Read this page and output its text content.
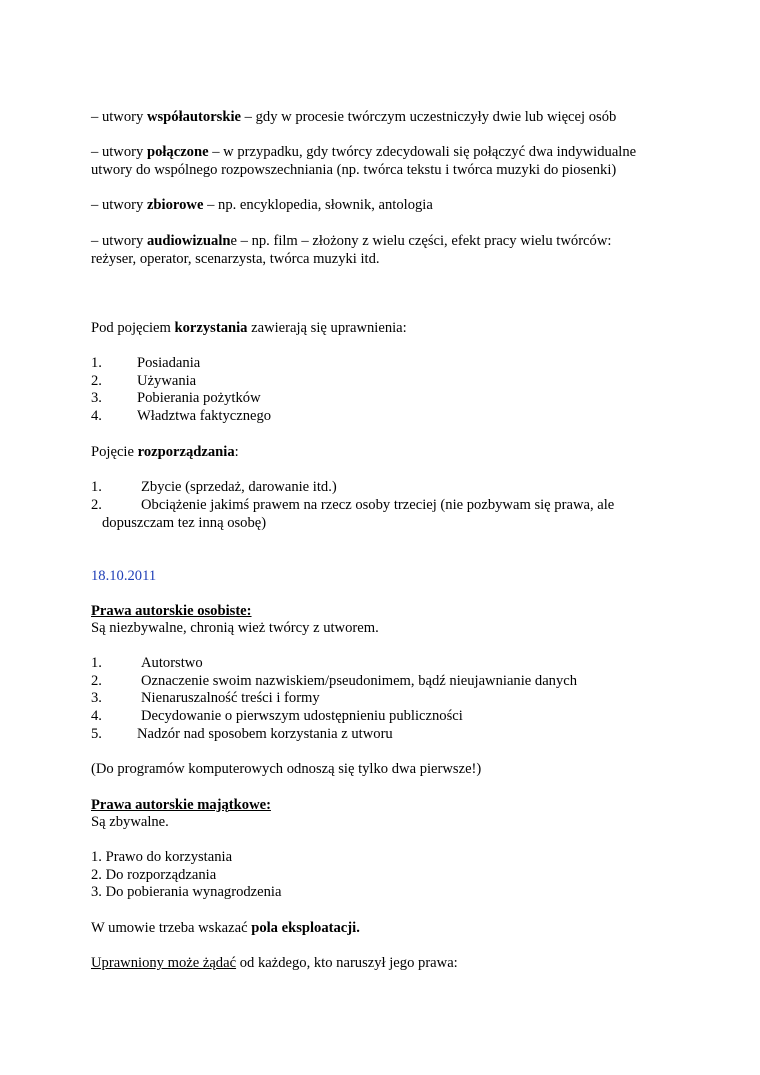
– utwory współautorskie – gdy w procesie twórczym uczestniczyły dwie lub więcej osób
– utwory połączone – w przypadku, gdy twórcy zdecydowali się połączyć dwa indywidualne
utwory do wspólnego rozpowszechniania (np. twórca tekstu i twórca muzyki do piosenki)
– utwory zbiorowe – np. encyklopedia, słownik, antologia
– utwory audiowizualne – np. film – złożony z wielu części, efekt pracy wielu twórców:
reżyser, operator, scenarzysta, twórca muzyki itd.
Pod pojęciem korzystania zawierają się uprawnienia:
1. Posiadania
2. Używania
3. Pobierania pożytków
4. Władztwa faktycznego
Pojęcie rozporządzania:
1.	Zbycie (sprzedaż, darowanie itd.)
2.	Obciążenie jakimś prawem na rzecz osoby trzeciej (nie pozbywam się prawa, ale
dopuszczam tez inną osobę)
18.10.2011
Prawa autorskie osobiste:
Są niezbywalne, chronią wież twórcy z utworem.
1.	Autorstwo
2.	Oznaczenie swoim nazwiskiem/pseudonimem, bądź nieujawnianie danych
3.	Nienaruszalność treści i formy
4.	Decydowanie o pierwszym udostępnieniu publiczności
5. Nadzór nad sposobem korzystania z utworu
(Do programów komputerowych odnoszą się tylko dwa pierwsze!)
Prawa autorskie majątkowe:
Są zbywalne.
1. Prawo do korzystania
2. Do rozporządzania
3. Do pobierania wynagrodzenia
W umowie trzeba wskazać pola eksploatacji.
Uprawniony może żądać od każdego, kto naruszył jego prawa:
